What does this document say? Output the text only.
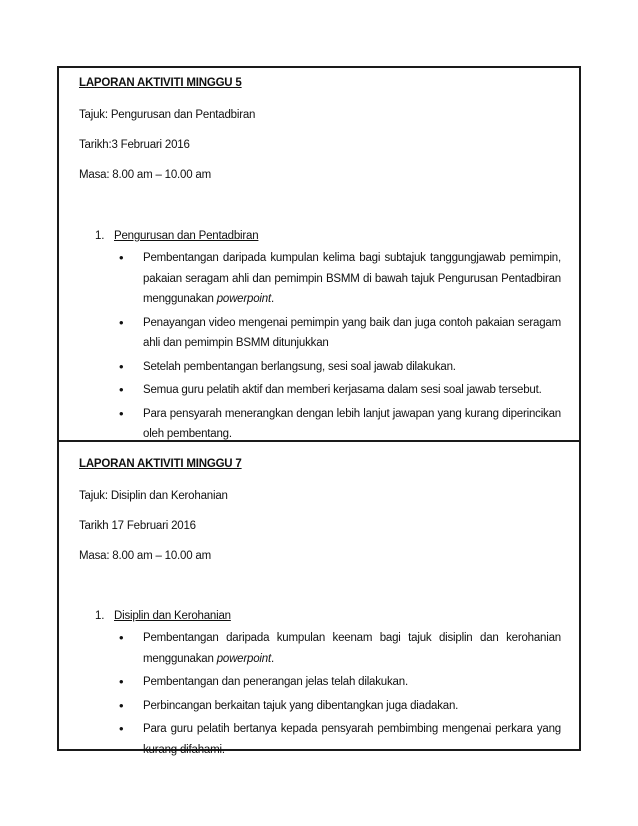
LAPORAN AKTIVITI MINGGU 5
Tajuk: Pengurusan dan Pentadbiran
Tarikh:3 Februari 2016
Masa: 8.00 am – 10.00 am
1. Pengurusan dan Pentadbiran
• Pembentangan daripada kumpulan kelima bagi subtajuk tanggungjawab pemimpin, pakaian seragam ahli dan pemimpin BSMM di bawah tajuk Pengurusan Pentadbiran menggunakan powerpoint.
• Penayangan video mengenai pemimpin yang baik dan juga contoh pakaian seragam ahli dan pemimpin BSMM ditunjukkan
• Setelah pembentangan berlangsung, sesi soal jawab dilakukan.
• Semua guru pelatih aktif dan memberi kerjasama dalam sesi soal jawab tersebut.
• Para pensyarah menerangkan dengan lebih lanjut jawapan yang kurang diperincikan oleh pembentang.
LAPORAN AKTIVITI MINGGU 7
Tajuk: Disiplin dan Kerohanian
Tarikh 17 Februari 2016
Masa: 8.00 am – 10.00 am
1. Disiplin dan Kerohanian
• Pembentangan daripada kumpulan keenam bagi tajuk disiplin dan kerohanian menggunakan powerpoint.
• Pembentangan dan penerangan jelas telah dilakukan.
• Perbincangan berkaitan tajuk yang dibentangkan juga diadakan.
• Para guru pelatih bertanya kepada pensyarah pembimbing mengenai perkara yang kurang difahami.
